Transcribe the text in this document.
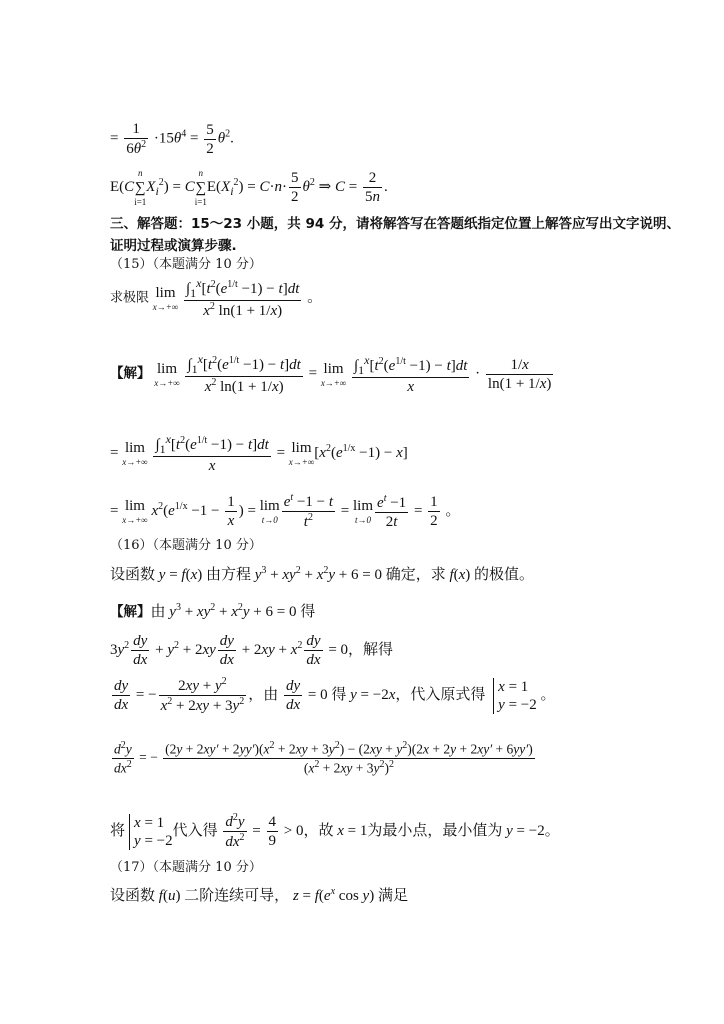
= $\frac{1}{6\theta^2} \cdot 15\theta^4 = \frac{5}{2} \theta^2$.
E(C
n
∑
i=1
$X_i^2) = C$
n
∑
i=1
$E(X_i^2) = C\cdot n\cdot \frac{5}{2} \theta^2$ ⇒ $C = \frac{2}{5n}$ .
三、解答题：15～23 小题，共 94 分，请将解答写在答题纸指定位置上解答应写出文字说明、
证明过程或演算步骤.
（15）（本题满分 10 分）
求极限 lim
x→+∞
$\frac{\int_1^x[t^2(e^{1/t} -1) - t]dt}{x^2 \ln(1 + 1/x)}$ 。
【解】 lim
x→+∞
$\frac{\int_1^x[t^2(e^{1/t} -1) - t]dt}{x^2 \ln(1 + 1/x)} = \lim$
x→+∞
$\frac{\int_1^x[t^2(e^{1/t} -1) - t]dt}{x} \cdot \frac{1/x}{\ln(1 + 1/x)}$
= lim
x→+∞
$\frac{\int_1^x[t^2(e^{1/t} -1) - t]dt}{x} = \lim$
x→+∞
$[x^2(e^{1/x} -1) - x]$
= lim
x→+∞
$x^2(e^{1/x} -1 - \frac{1}{x}$ ) = lim
$t\to 0 \frac{e^t -1 - t}{t^2} = \lim$
$t\to 0 \frac{e^t -1}{2t} = \frac{1}{2}$ 。
（16）（本题满分 10 分）
设函数 y = f(x) 由方程 $y^3 + xy^2 + x^2y + 6 = 0$ 确定，求 f(x) 的极值。
【解】由 $y^3 + xy^2 + x^2y + 6 = 0$ 得
$3y^2 \frac{dy}{dx} + y^2 + 2xy \frac{dy}{dx} + 2xy + x^2 \frac{dy}{dx} = 0$，解得
$\frac{dy}{dx}$ = − $\frac{2xy + y^2}{x^2 + 2xy + 3y^2}$ ，由 $\frac{dy}{dx} = 0$ 得 y = −2x，代入原式得
x = 1
y = −2
。
$\frac{d^2y}{dx^2}$ = −
$(2y + 2xy' + 2yy')(x^2 + 2xy + 3y^2) - (2xy + y^2)(2x + 2y + 2xy' + 6yy')$
$(x^2 + 2xy + 3y^2)^2$
将
x = 1
y = −2
代入得 $\frac{d^2y}{dx^2} = \frac{4}{9} > 0$，故 x = 1为最小点，最小值为 y = −2。
（17）（本题满分 10 分）
设函数 f(u) 二阶连续可导， $z = f(e^x$ cos y) 满足
